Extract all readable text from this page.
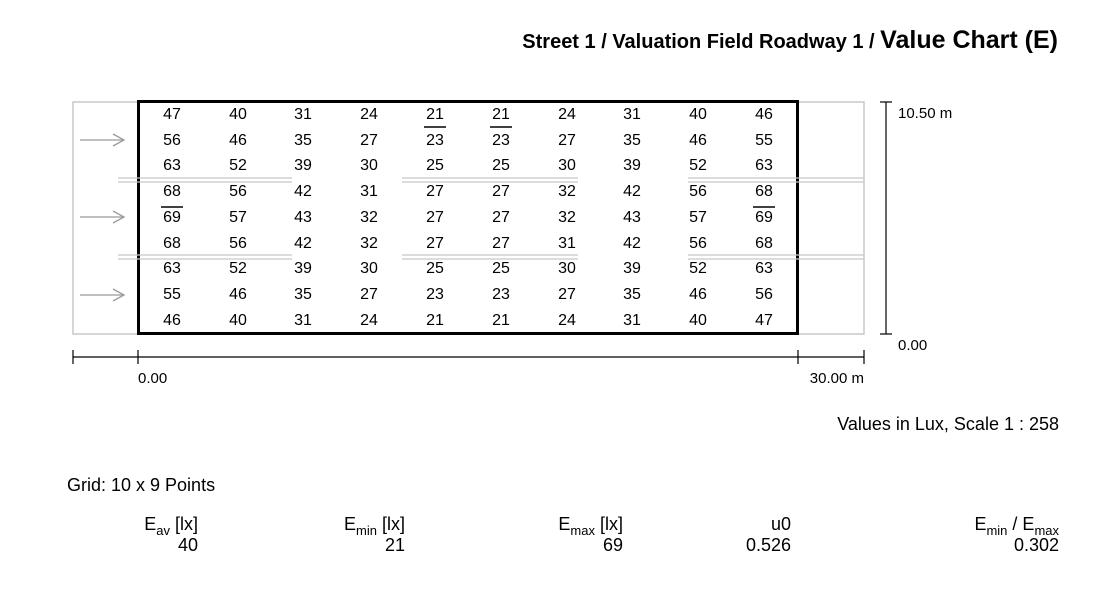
Street 1 / Valuation Field Roadway 1 / Value Chart (E)
47	40	31	24	21	21	24	31	40	46
56	46	35	27	23	23	27	35	46	55
63	52	39	30	25	25	30	39	52	63
68	56	42	31	27	27	32	42	56	68
69	57	43	32	27	27	32	43	57	69
68	56	42	32	27	27	31	42	56	68
63	52	39	30	25	25	30	39	52	63
55	46	35	27	23	23	27	35	46	56
46	40	31	24	21	21	24	31	40	47
0.00	30.00 m
10.50 m
0.00
Values in Lux, Scale 1 : 258
Grid: 10 x 9 Points
$E_{av}$ [lx]
40
$E_{min}$ [lx]
21
$E_{max}$ [lx]
69
u0
0.526
$E_{min} / E_{max}$
0.302
